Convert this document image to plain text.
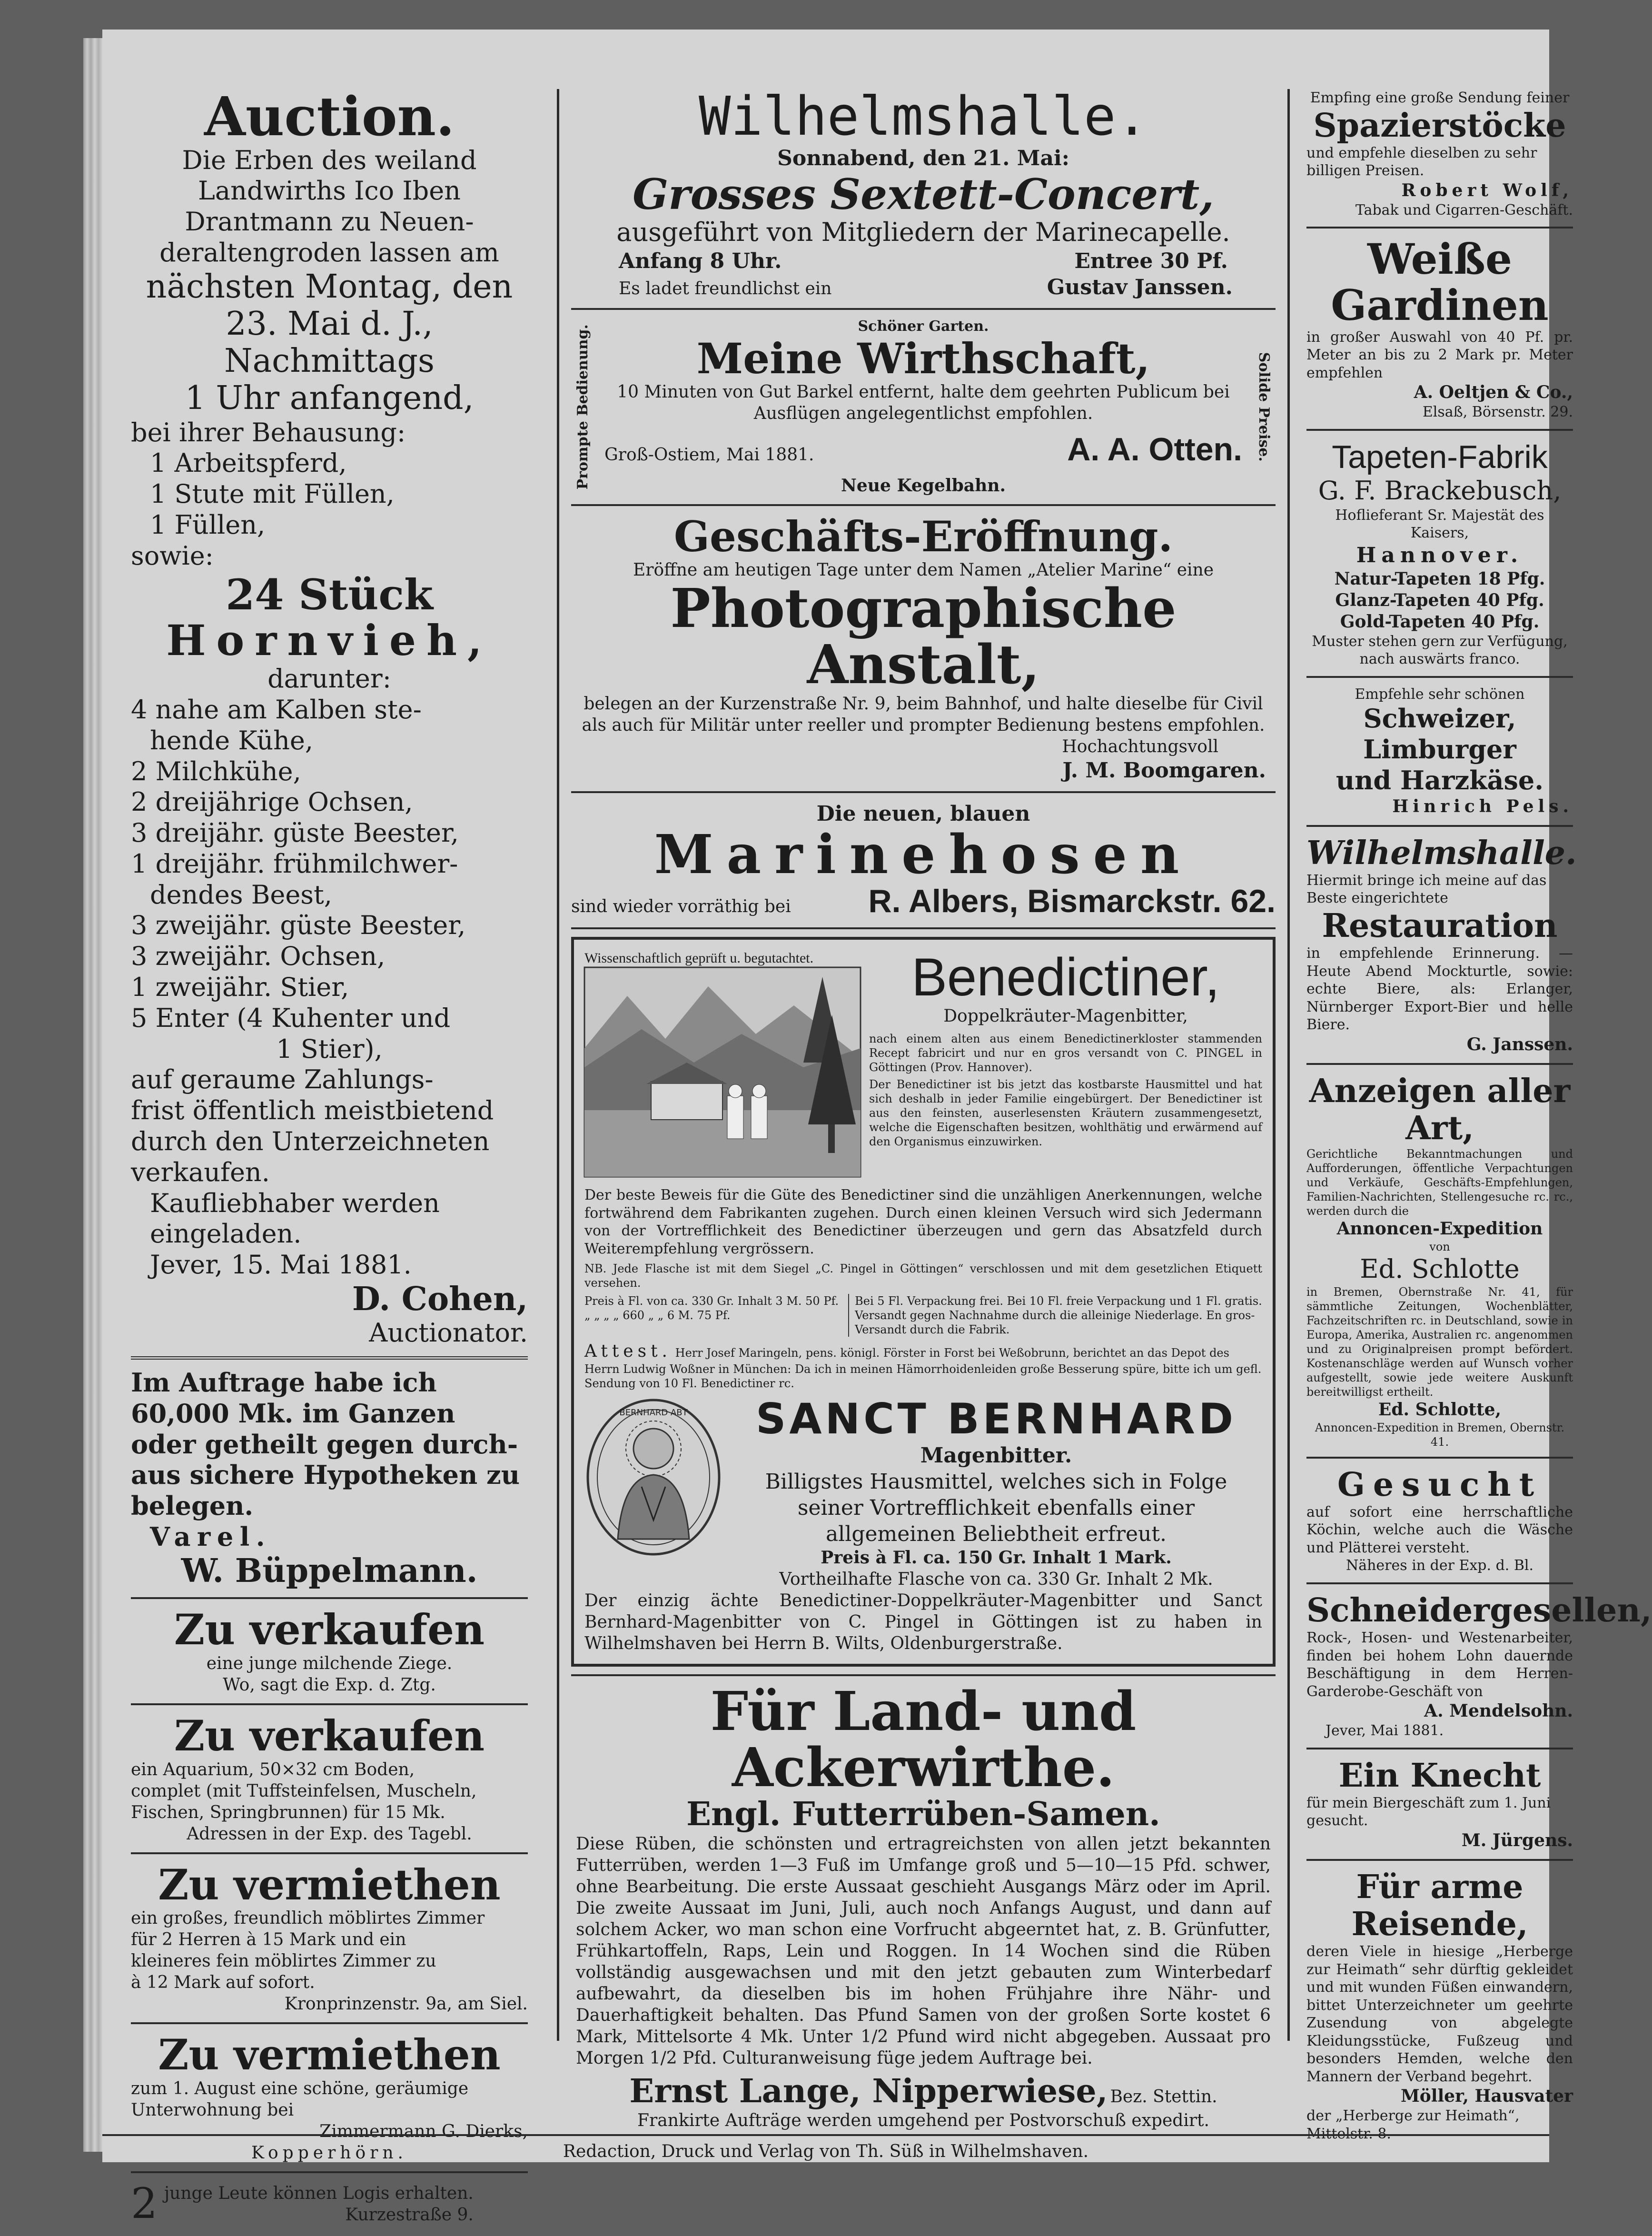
Auction.

Die Erben des weiland

Landwirths Ico Iben

Drantmann zu Neuen-

deraltengroden lassen am

nächsten Montag, den

23. Mai d. J.,

Nachmittags

1 Uhr anfangend,

bei ihrer Behausung:

1 Arbeitspferd,

1 Stute mit Füllen,

1 Füllen,

sowie:

24 Stück

Hornvieh,

darunter:

4 nahe am Kalben ste-

hende Kühe,

2 Milchkühe,

2 dreijährige Ochsen,

3 dreijähr. güste Beester,

1 dreijähr. frühmilchwer-

dendes Beest,

3 zweijähr. güste Beester,

3 zweijähr. Ochsen,

1 zweijähr. Stier,

5 Enter (4 Kuhenter und

1 Stier),

auf geraume Zahlungs-

frist öffentlich meistbietend

durch den Unterzeichneten

verkaufen.

Kaufliebhaber werden eingeladen.

Jever, 15. Mai 1881.

D. Cohen,

Auctionator.

Im Auftrage habe ich

60,000 Mk. im Ganzen

oder getheilt gegen durch-

aus sichere Hypotheken zu

belegen.

Varel.

W. Büppelmann.

Zu verkaufen

eine junge milchende Ziege.

Wo, sagt die Exp. d. Ztg.

Zu verkaufen

ein Aquarium, 50×32 cm Boden,

complet (mit Tuffsteinfelsen, Muscheln,

Fischen, Springbrunnen) für 15 Mk.

Adressen in der Exp. des Tagebl.

Zu vermiethen

ein großes, freundlich möblirtes Zimmer

für 2 Herren à 15 Mark und ein

kleineres fein möblirtes Zimmer zu

à 12 Mark auf sofort.

Kronprinzenstr. 9a, am Siel.

Zu vermiethen

zum 1. August eine schöne, geräumige

Unterwohnung bei

Zimmermann G. Dierks,

Kopperhörn.

2 junge Leute können Logis erhalten.

Kurzestraße 9.

Wilhelmshalle.

Sonnabend, den 21. Mai:

Grosses Sextett-Concert,

ausgeführt von Mitgliedern der Marinecapelle.

Anfang 8 Uhr.	Entree 30 Pf.
Es ladet freundlichst ein	Gustav Janssen.
Prompte Bedienung.	Solide Preise.

Schöner Garten.

Meine Wirthschaft,

10 Minuten von Gut Barkel entfernt, halte dem geehrten Publicum bei Ausflügen angelegentlichst empfohlen.

Groß-Ostiem, Mai 1881.	A. A. Otten.

Neue Kegelbahn.

Geschäfts-Eröffnung.

Eröffne am heutigen Tage unter dem Namen „Atelier Marine“ eine

Photographische Anstalt,

belegen an der Kurzenstraße Nr. 9, beim Bahnhof, und halte dieselbe für Civil als auch für Militär unter reeller und prompter Bedienung bestens empfohlen.

Hochachtungsvoll

J. M. Boomgaren.

Die neuen, blauen

Marinehosen

sind wieder vorräthig bei R. Albers, Bismarckstr. 62.

Wissenschaftlich geprüft u. begutachtet.	Benedictiner,

Doppelkräuter-Magenbitter,

nach einem alten aus einem Benedictinerkloster stammenden Recept fabricirt und nur en gros versandt von C. PINGEL in Göttingen (Prov. Hannover).

Der Benedictiner ist bis jetzt das kostbarste Hausmittel und hat sich deshalb in jeder Familie eingebürgert. Der Benedictiner ist aus den feinsten, auserlesensten Kräutern zusammengesetzt, welche die Eigenschaften besitzen, wohlthätig und erwärmend auf den Organismus einzuwirken.

Der beste Beweis für die Güte des Benedictiner sind die unzähligen Anerkennungen, welche fortwährend dem Fabrikanten zugehen. Durch einen kleinen Versuch wird sich Jedermann von der Vortrefflichkeit des Benedictiner überzeugen und gern das Absatzfeld durch Weiterempfehlung vergrössern.

NB. Jede Flasche ist mit dem Siegel „C. Pingel in Göttingen“ verschlossen und mit dem gesetzlichen Etiquett versehen.

Preis à Fl. von ca. 330 Gr. Inhalt 3 M. 50 Pf.

„ „ „ „ 660 „ „ 6 M. 75 Pf.

Bei 5 Fl. Verpackung frei. Bei 10 Fl. freie Verpackung und 1 Fl. gratis. Versandt gegen Nachnahme durch die alleinige Niederlage. En gros-Versandt durch die Fabrik.

Attest. Herr Josef Maringeln, pens. königl. Förster in Forst bei Weßobrunn, berichtet an das Depot des Herrn Ludwig Woßner in München: Da ich in meinen Hämorrhoidenleiden große Besserung spüre, bitte ich um gefl. Sendung von 10 Fl. Benedictiner rc.

BERNHARD ABT	SANCT BERNHARD

Magenbitter.

Billigstes Hausmittel, welches sich in Folge seiner Vortrefflichkeit ebenfalls einer allgemeinen Beliebtheit erfreut.

Preis à Fl. ca. 150 Gr. Inhalt 1 Mark.

Vortheilhafte Flasche von ca. 330 Gr. Inhalt 2 Mk.

Der einzig ächte Benedictiner-Doppelkräuter-Magenbitter und Sanct Bernhard-Magenbitter von C. Pingel in Göttingen ist zu haben in Wilhelmshaven bei Herrn B. Wilts, Oldenburgerstraße.

Für Land- und Ackerwirthe.

Engl. Futterrüben-Samen.

Diese Rüben, die schönsten und ertragreichsten von allen jetzt bekannten Futterrüben, werden 1—3 Fuß im Umfange groß und 5—10—15 Pfd. schwer, ohne Bearbeitung. Die erste Aussaat geschieht Ausgangs März oder im April. Die zweite Aussaat im Juni, Juli, auch noch Anfangs August, und dann auf solchem Acker, wo man schon eine Vorfrucht abgeerntet hat, z. B. Grünfutter, Frühkartoffeln, Raps, Lein und Roggen. In 14 Wochen sind die Rüben vollständig ausgewachsen und mit den jetzt gebauten zum Winterbedarf aufbewahrt, da dieselben bis im hohen Frühjahre ihre Nähr- und Dauerhaftigkeit behalten. Das Pfund Samen von der großen Sorte kostet 6 Mark, Mittelsorte 4 Mk. Unter 1/2 Pfund wird nicht abgegeben. Aussaat pro Morgen 1/2 Pfd. Culturanweisung füge jedem Auftrage bei.

Ernst Lange, Nipperwiese, Bez. Stettin.

Frankirte Aufträge werden umgehend per Postvorschuß expedirt.

Empfing eine große Sendung feiner

Spazierstöcke

und empfehle dieselben zu sehr billigen Preisen.

Robert Wolf,

Tabak und Cigarren-Geschäft.

Weiße Gardinen

in großer Auswahl von 40 Pf. pr. Meter an bis zu 2 Mark pr. Meter empfehlen

A. Oeltjen & Co.,

Elsaß, Börsenstr. 29.

Tapeten-Fabrik

G. F. Brackebusch,

Hoflieferant Sr. Majestät des Kaisers,

Hannover.

Natur-Tapeten 18 Pfg.

Glanz-Tapeten 40 Pfg.

Gold-Tapeten 40 Pfg.

Muster stehen gern zur Verfügung, nach auswärts franco.

Empfehle sehr schönen

Schweizer, Limburger

und Harzkäse.

Hinrich Pels.

Wilhelmshalle.

Hiermit bringe ich meine auf das Beste eingerichtete

Restauration

in empfehlende Erinnerung. — Heute Abend Mockturtle, sowie: echte Biere, als: Erlanger, Nürnberger Export-Bier und helle Biere.

G. Janssen.

Anzeigen aller Art,

Gerichtliche Bekanntmachungen und Aufforderungen, öffentliche Verpachtungen und Verkäufe, Geschäfts-Empfehlungen, Familien-Nachrichten, Stellengesuche rc. rc., werden durch die

Annoncen-Expedition

von

Ed. Schlotte

in Bremen, Obernstraße Nr. 41, für sämmtliche Zeitungen, Wochenblätter, Fachzeitschriften rc. in Deutschland, sowie in Europa, Amerika, Australien rc. angenommen und zu Originalpreisen prompt befördert. Kostenanschläge werden auf Wunsch vorher aufgestellt, sowie jede weitere Auskunft bereitwilligst ertheilt.

Ed. Schlotte,

Annoncen-Expedition in Bremen, Obernstr. 41.

Gesucht

auf sofort eine herrschaftliche Köchin, welche auch die Wäsche und Plätterei versteht.

Näheres in der Exp. d. Bl.

Schneidergesellen,

Rock-, Hosen- und Westenarbeiter, finden bei hohem Lohn dauernde Beschäftigung in dem Herren-Garderobe-Geschäft von

A. Mendelsohn.

Jever, Mai 1881.

Ein Knecht

für mein Biergeschäft zum 1. Juni gesucht.

M. Jürgens.

Für arme Reisende,

deren Viele in hiesige „Herberge zur Heimath“ sehr dürftig gekleidet und mit wunden Füßen einwandern, bittet Unterzeichneter um geehrte Zusendung von abgelegte Kleidungsstücke, Fußzeug und besonders Hemden, welche den Mannern der Verband begehrt.

Möller, Hausvater

der „Herberge zur Heimath“, Mittelstr. 8.

Redaction, Druck und Verlag von Th. Süß in Wilhelmshaven.
